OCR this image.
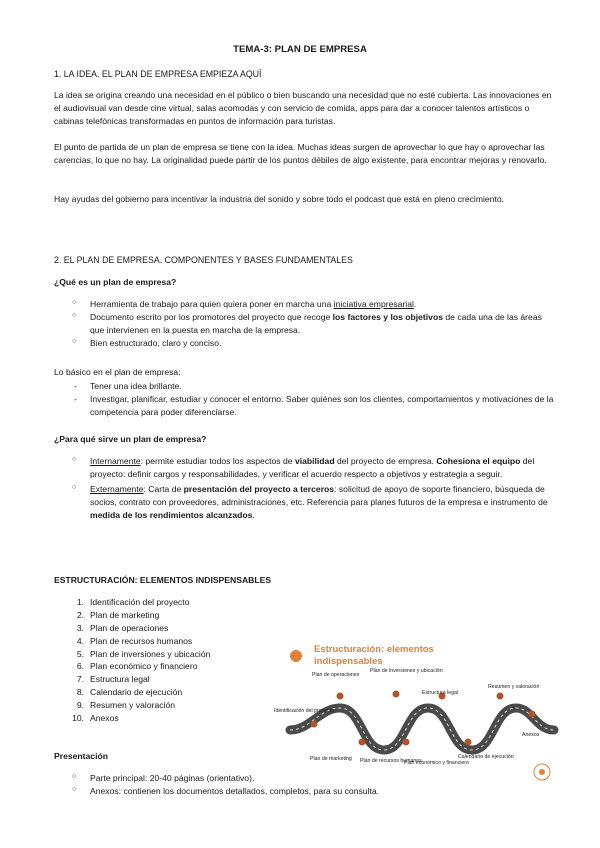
TEMA-3: PLAN DE EMPRESA
1. LA IDEA. EL PLAN DE EMPRESA EMPIEZA AQUÍ

La idea se origina creando una necesidad en el público o bien buscando una necesidad que no esté cubierta. Las innovaciones en el audiovisual van desde cine virtual, salas acomodas y con servicio de comida, apps para dar a conocer talentos artísticos o cabinas telefónicas transformadas en puntos de información para turistas.

El punto de partida de un plan de empresa se tiene con la idea. Muchas ideas surgen de aprovechar lo que hay o aprovechar las carencias, lo que no hay. La originalidad puede partir de los puntos débiles de algo existente, para encontrar mejoras y renovarlo.

Hay ayudas del gobierno para incentivar la industria del sonido y sobre todo el podcast que está en pleno crecimiento.

2. EL PLAN DE EMPRESA. COMPONENTES Y BASES FUNDAMENTALES
¿Qué es un plan de empresa?
○ Herramienta de trabajo para quien quiera poner en marcha una iniciativa empresarial.
○ Documento escrito por los promotores del proyecto que recoge los factores y los objetivos de cada una de las áreas que intervienen en la puesta en marcha de la empresa.
○ Bien estructurado, claro y conciso.
Lo básico en el plan de empresa:
- Tener una idea brillante.
- Investigar, planificar, estudiar y conocer el entorno. Saber quiénes son los clientes, comportamientos y motivaciones de la competencia para poder diferenciarse.
¿Para qué sirve un plan de empresa?
○ Internamente: permite estudiar todos los aspectos de viabilidad del proyecto de empresa. Cohesiona el equipo del proyecto: definir cargos y responsabilidades, y verificar el acuerdo respecto a objetivos y estrategia a seguir.
○ Externamente: Carta de presentación del proyecto a terceros: solicitud de apoyo de soporte financiero, búsqueda de socios, contrato con proveedores, administraciones, etc. Referencia para planes futuros de la empresa e instrumento de medida de los rendimientos alcanzados.
ESTRUCTURACIÓN: ELEMENTOS INDISPENSABLES
1. Identificación del proyecto
2. Plan de marketing
3. Plan de operaciones
4. Plan de recursos humanos
5. Plan de inversiones y ubicación
6. Plan económico y financiero
7. Estructura legal
8. Calendario de ejecución
9. Resumen y valoración
10. Anexos
Presentación
○ Parte principal: 20-40 páginas (orientativo).
○ Anexos: contienen los documentos detallados, completos, para su consulta.
Estructuración: elementos
indispensables
Identificación del proyecto
Plan de operaciones
Plan de inversiones y ubicación
Estructura legal
Resumen y valoración
Plan de marketing Plan de recursos humanos
Plan económico y financiero
Calendario de ejecución
Anexos
